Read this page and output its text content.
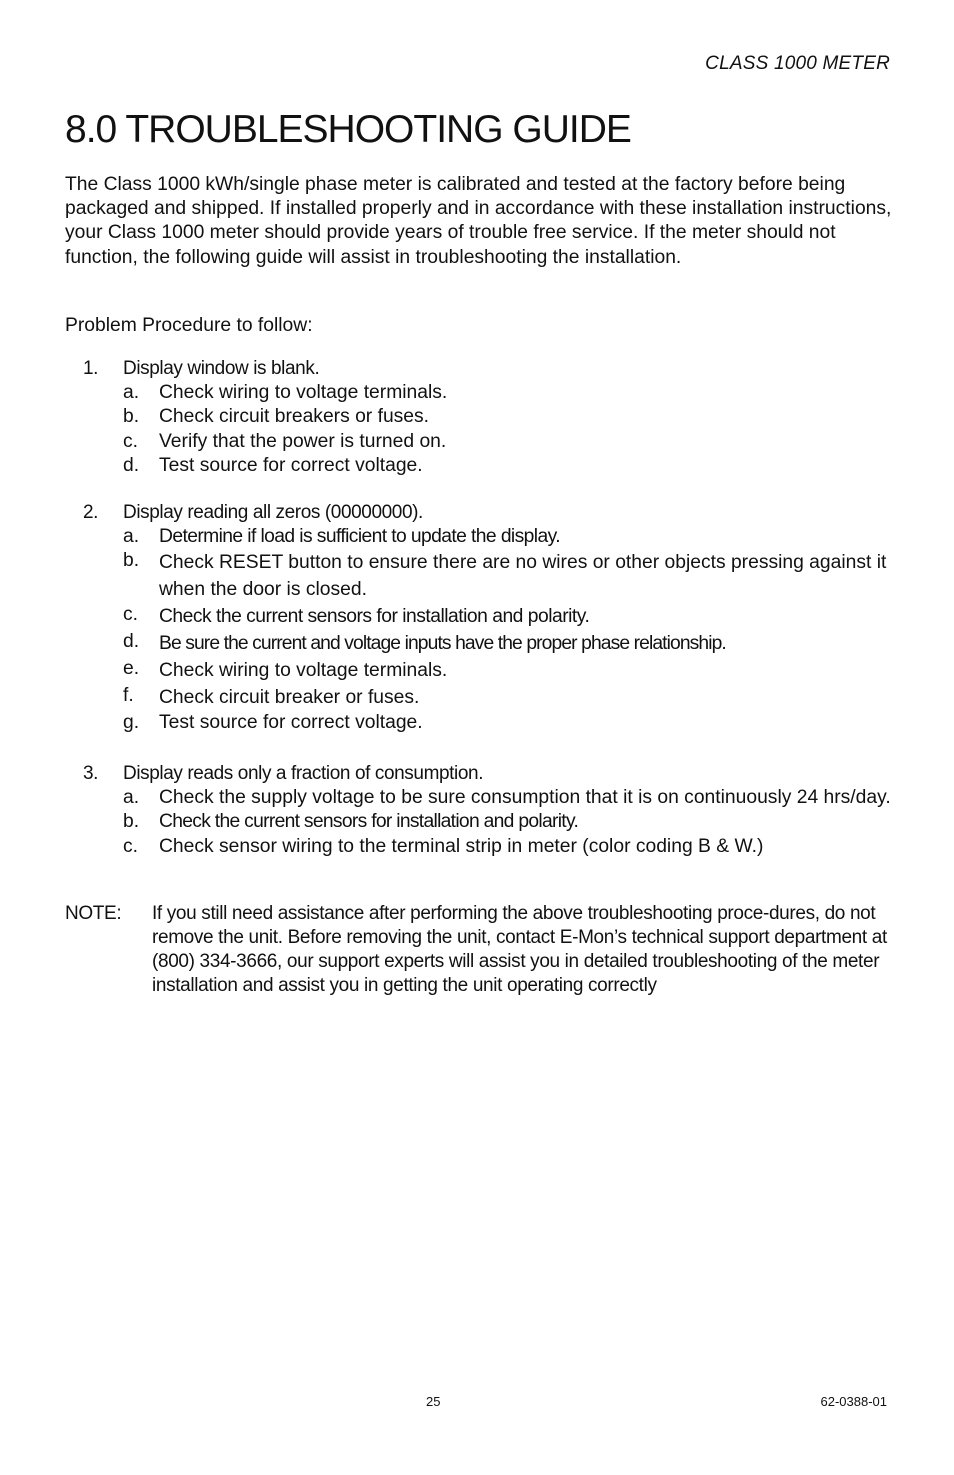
CLASS 1000 METER
8.0 TROUBLESHOOTING GUIDE

The Class 1000 kWh/single phase meter is calibrated and tested at the factory before being packaged and shipped. If installed properly and in accordance with these installation instructions, your Class 1000 meter should provide years of trouble free service. If the meter should not function, the following guide will assist in troubleshooting the installation.

Problem Procedure to follow:

1.	Display window is blank.
a.	Check wiring to voltage terminals.
b.	Check circuit breakers or fuses.
c.	Verify that the power is turned on.
d.	Test source for correct voltage.
2.	Display reading all zeros (00000000).
a.	Determine if load is sufficient to update the display.
b.	Check RESET button to ensure there are no wires or other objects pressing against it when the door is closed.
c.	Check the current sensors for installation and polarity.
d.	Be sure the current and voltage inputs have the proper phase relationship.
e.	Check wiring to voltage terminals.
f.	Check circuit breaker or fuses.
g.	Test source for correct voltage.
3.	Display reads only a fraction of consumption.
a.	Check the supply voltage to be sure consumption that it is on continuously 24 hrs/day.
b.	Check the current sensors for installation and polarity.
c.	Check sensor wiring to the terminal strip in meter (color coding B & W.)
NOTE:	If you still need assistance after performing the above troubleshooting proce-dures, do not remove the unit. Before removing the unit, contact E-Mon’s technical support department at (800) 334-3666, our support experts will assist you in detailed troubleshooting of the meter installation and assist you in getting the unit operating correctly
25	62-0388-01
